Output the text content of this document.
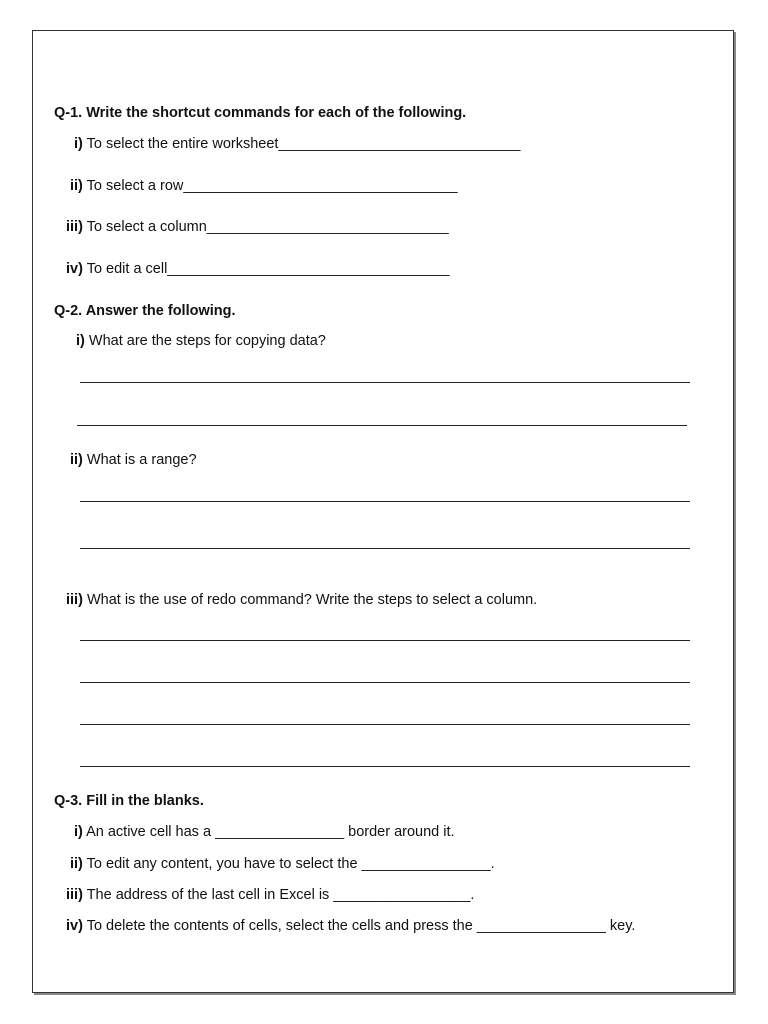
Q-1. Write the shortcut commands for each of the following.
i) To select the entire worksheet______________________________
ii) To select a row__________________________________
iii) To select a column______________________________
iv) To edit a cell___________________________________
Q-2. Answer the following.
i) What are the steps for copying data?
ii) What is a range?
iii) What is the use of redo command? Write the steps to select a column.
Q-3. Fill in the blanks.
i) An active cell has a ________________ border around it.
ii) To edit any content, you have to select the ________________.
iii) The address of the last cell in Excel is _________________.
iv) To delete the contents of cells, select the cells and press the ________________ key.
